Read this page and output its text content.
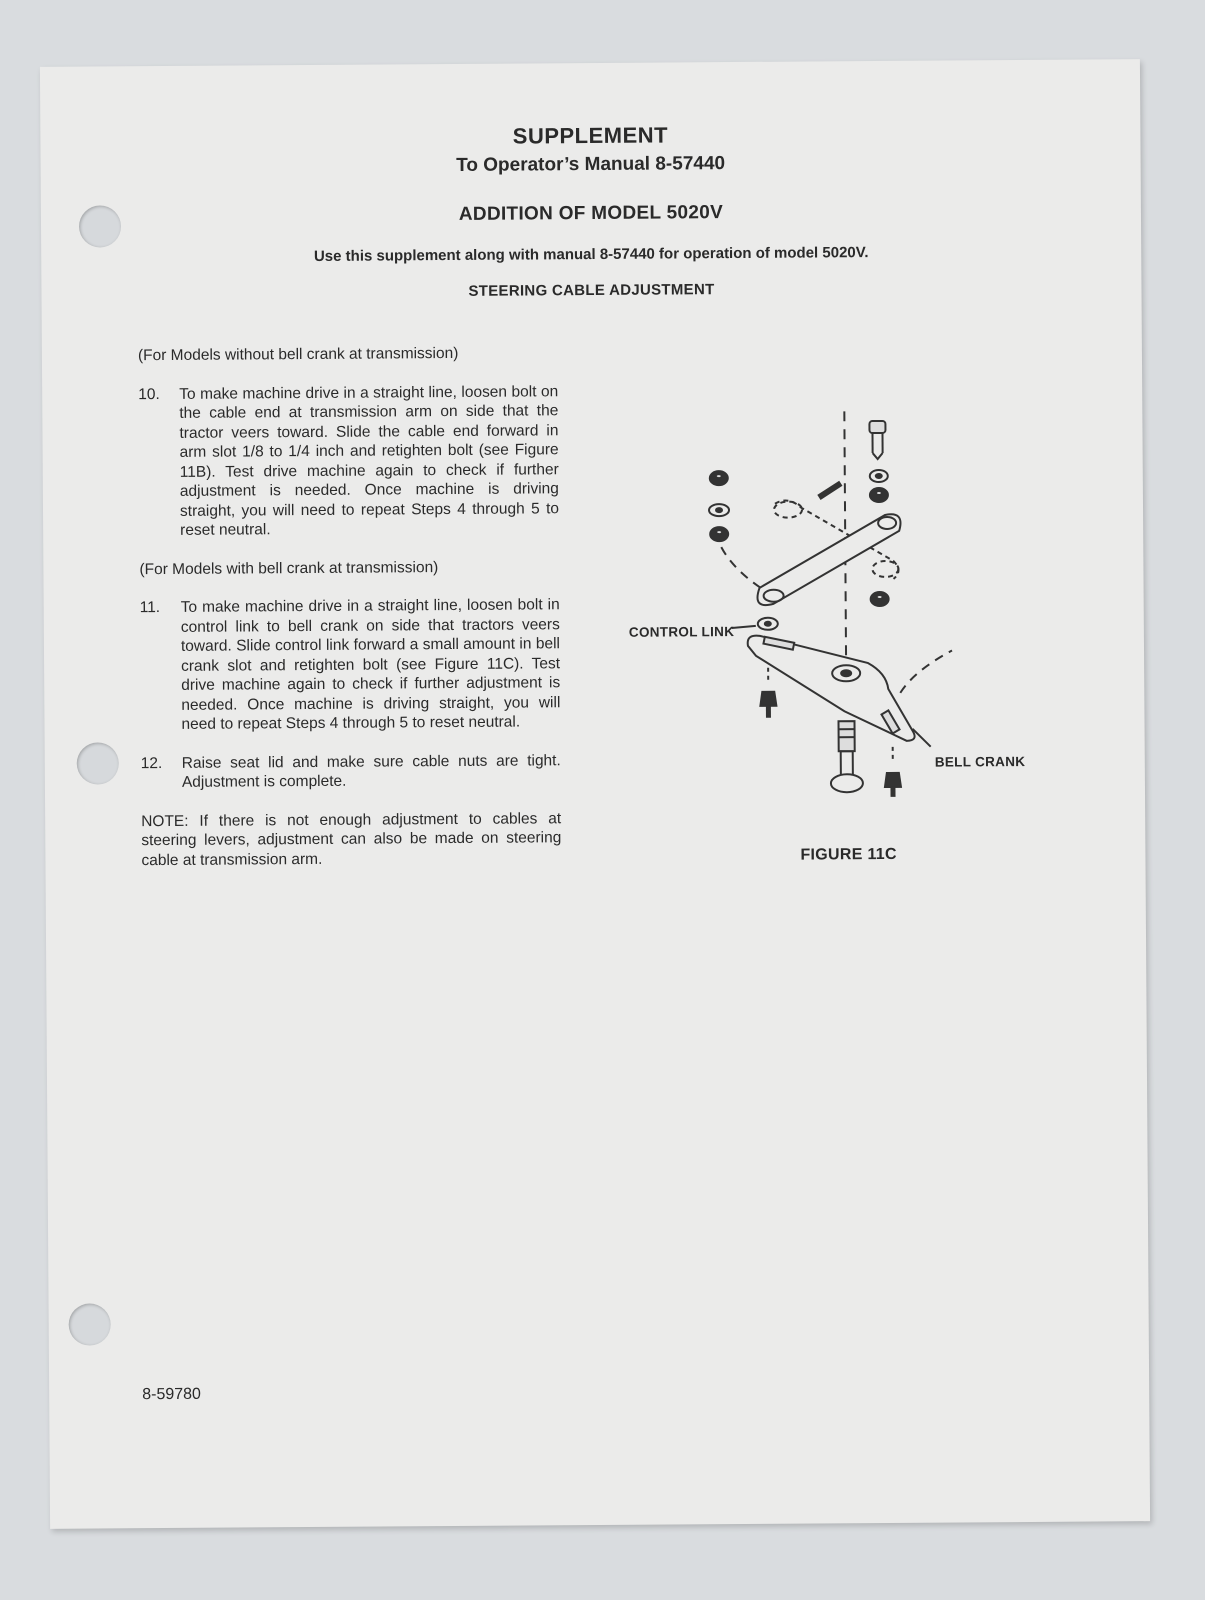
SUPPLEMENT
To Operator’s Manual 8-57440
ADDITION OF MODEL 5020V

Use this supplement along with manual 8-57440 for operation of model 5020V.

STEERING CABLE ADJUSTMENT

(For Models without bell crank at transmission)

10.	To make machine drive in a straight line, loosen bolt on the cable end at transmission arm on side that the tractor veers toward. Slide the cable end forward in arm slot 1/8 to 1/4 inch and retighten bolt (see Figure 11B). Test drive machine again to check if further adjustment is needed. Once machine is driving straight, you will need to repeat Steps 4 through 5 to reset neutral.

(For Models with bell crank at transmission)

11.	To make machine drive in a straight line, loosen bolt in control link to bell crank on side that tractors veers toward. Slide control link forward a small amount in bell crank slot and retighten bolt (see Figure 11C). Test drive machine again to check if further adjustment is needed. Once machine is driving straight, you will need to repeat Steps 4 through 5 to reset neutral.
12.	Raise seat lid and make sure cable nuts are tight. Adjustment is complete.

NOTE: If there is not enough adjustment to cables at steering levers, adjustment can also be made on steering cable at transmission arm.

CONTROL LINK
BELL CRANK
FIGURE 11C
8-59780
